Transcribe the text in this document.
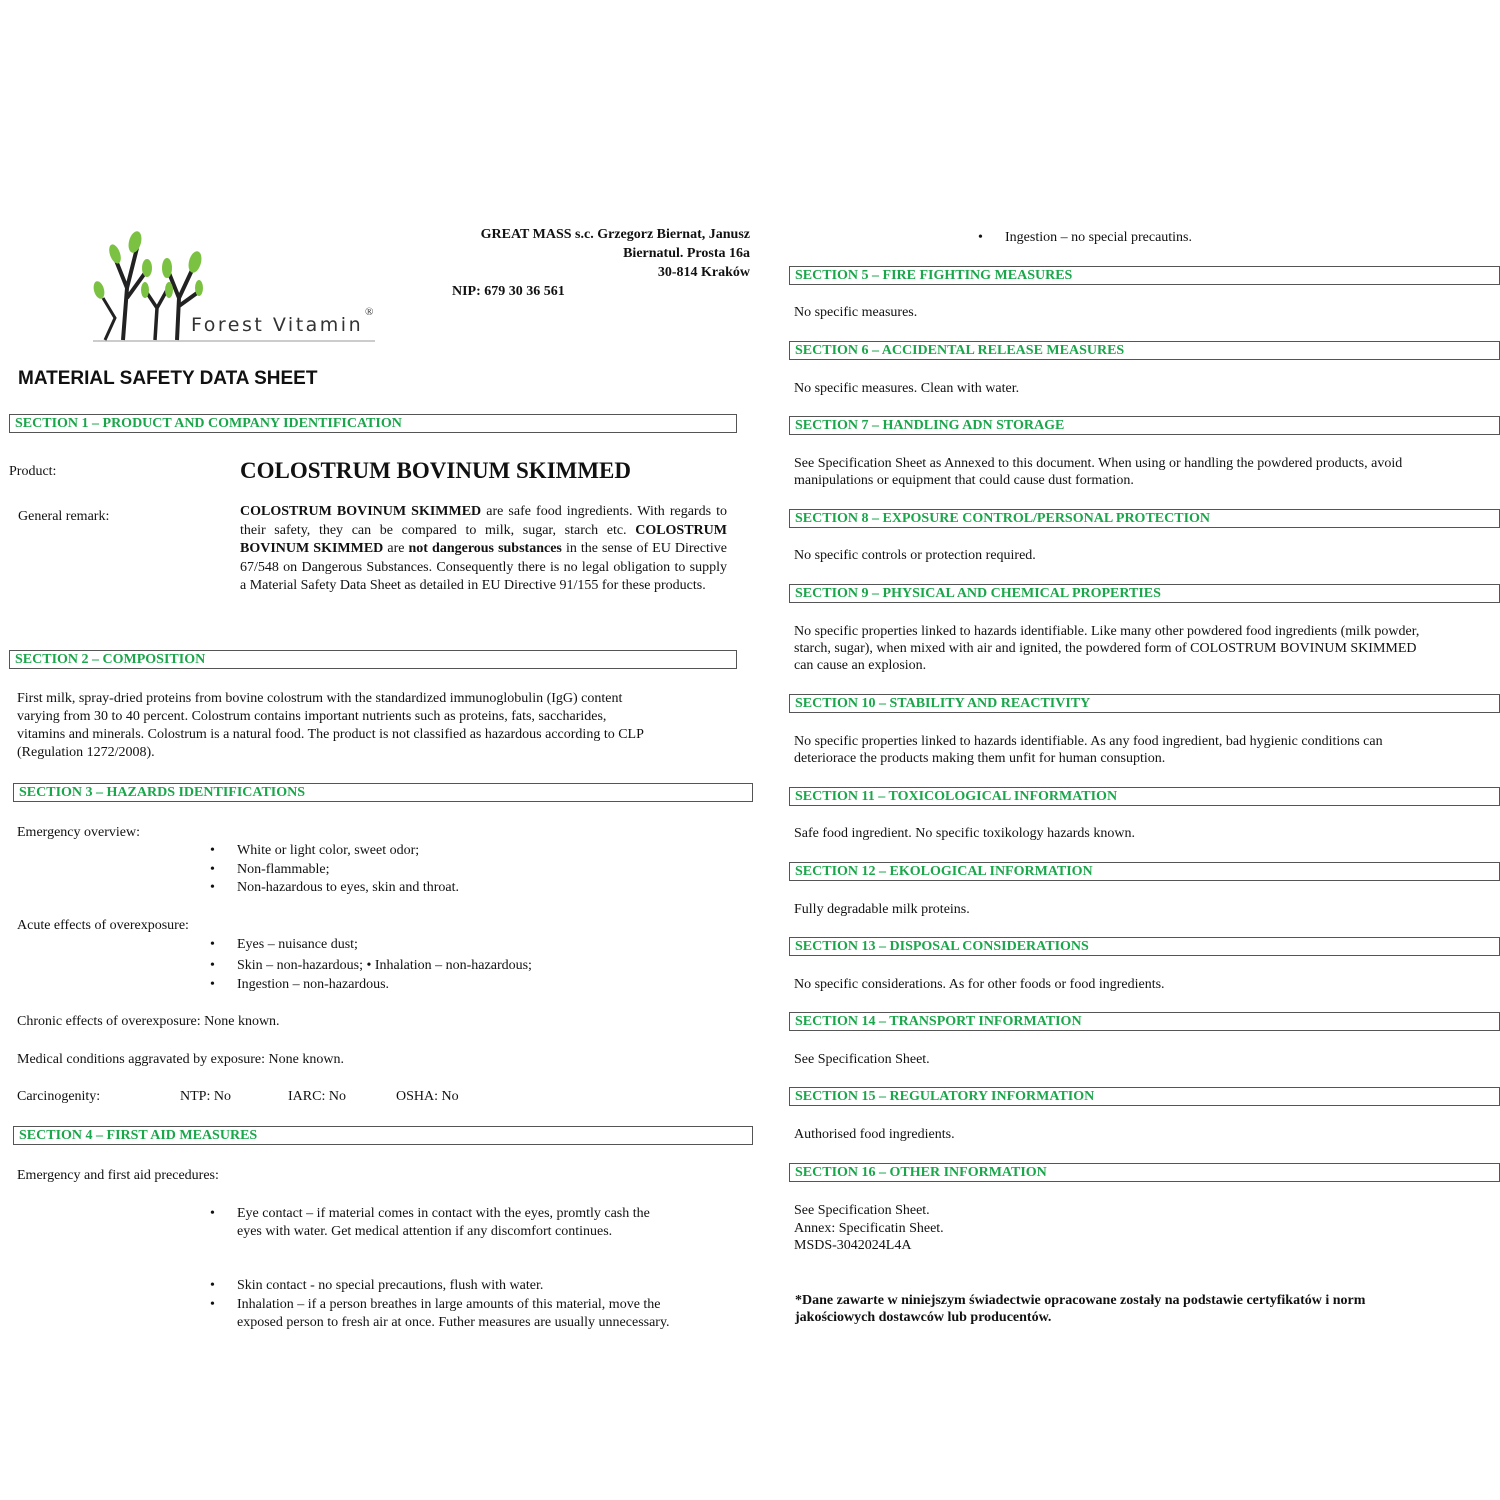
Forest Vitamin
®
GREAT MASS s.c. Grzegorz Biernat, Janusz
Biernatul. Prosta 16a
30-814 Kraków
NIP: 679 30 36 561
MATERIAL SAFETY DATA SHEET
SECTION 1 – PRODUCT AND COMPANY IDENTIFICATION
Product:	COLOSTRUM BOVINUM SKIMMED
General remark:	COLOSTRUM BOVINUM SKIMMED are safe food ingredients. With regards to their safety, they can be compared to milk, sugar, starch etc. COLOSTRUM BOVINUM SKIMMED are not dangerous substances in the sense of EU Directive 67/548 on Dangerous Substances. Consequently there is no legal obligation to supply a Material Safety Data Sheet as detailed in EU Directive 91/155 for these products.
SECTION 2 – COMPOSITION
First milk, spray-dried proteins from bovine colostrum with the standardized immunoglobulin (IgG) content
varying from 30 to 40 percent. Colostrum contains important nutrients such as proteins, fats, saccharides,
vitamins and minerals. Colostrum is a natural food. The product is not classified as hazardous according to CLP
(Regulation 1272/2008).
SECTION 3 – HAZARDS IDENTIFICATIONS
Emergency overview:
• White or light color, sweet odor;
• Non-flammable;
• Non-hazardous to eyes, skin and throat.
Acute effects of overexposure:
• Eyes – nuisance dust;
• Skin – non-hazardous; • Inhalation – non-hazardous;
• Ingestion – non-hazardous.
Chronic effects of overexposure: None known.
Medical conditions aggravated by exposure: None known.
Carcinogenity:	NTP: No	IARC: No	OSHA: No
SECTION 4 – FIRST AID MEASURES
Emergency and first aid precedures:
• Eye contact – if material comes in contact with the eyes, promtly cash the
eyes with water. Get medical attention if any discomfort continues.
• Skin contact - no special precautions, flush with water.
• Inhalation – if a person breathes in large amounts of this material, move the
exposed person to fresh air at once. Futher measures are usually unnecessary.
• Ingestion – no special precautins.
SECTION 5 – FIRE FIGHTING MEASURES
No specific measures.
SECTION 6 – ACCIDENTAL RELEASE MEASURES
No specific measures. Clean with water.
SECTION 7 – HANDLING ADN STORAGE
See Specification Sheet as Annexed to this document. When using or handling the powdered products, avoid
manipulations or equipment that could cause dust formation.
SECTION 8 – EXPOSURE CONTROL/PERSONAL PROTECTION
No specific controls or protection required.
SECTION 9 – PHYSICAL AND CHEMICAL PROPERTIES
No specific properties linked to hazards identifiable. Like many other powdered food ingredients (milk powder,
starch, sugar), when mixed with air and ignited, the powdered form of COLOSTRUM BOVINUM SKIMMED
can cause an explosion.
SECTION 10 – STABILITY AND REACTIVITY
No specific properties linked to hazards identifiable. As any food ingredient, bad hygienic conditions can
deteriorace the products making them unfit for human consuption.
SECTION 11 – TOXICOLOGICAL INFORMATION
Safe food ingredient. No specific toxikology hazards known.
SECTION 12 – EKOLOGICAL INFORMATION
Fully degradable milk proteins.
SECTION 13 – DISPOSAL CONSIDERATIONS
No specific considerations. As for other foods or food ingredients.
SECTION 14 – TRANSPORT INFORMATION
See Specification Sheet.
SECTION 15 – REGULATORY INFORMATION
Authorised food ingredients.
SECTION 16 – OTHER INFORMATION
See Specification Sheet.
Annex: Specificatin Sheet.
MSDS-3042024L4A
*Dane zawarte w niniejszym świadectwie opracowane zostały na podstawie certyfikatów i norm
jakościowych dostawców lub producentów.
